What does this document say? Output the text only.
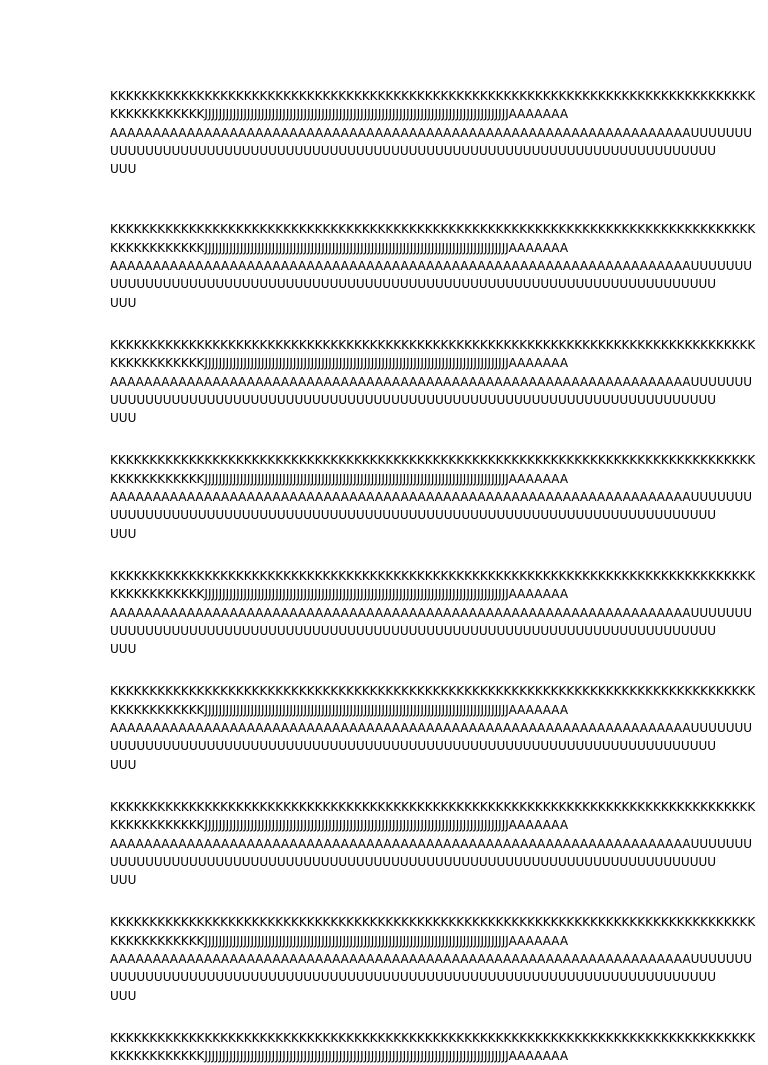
KKKKKKKKKKKKKKKKKKKKKKKKKKKKKKKKKKKKKKKKKKKKKKKKKKKKKKKKKKKKKKKKKKKKKKKKKKKKKKKKKK
KKKKKKKKKKKKJJJJJJJJJJJJJJJJJJJJJJJJJJJJJJJJJJJJJJJJJJJJJJJJJJJJJJJJJJJJJJJJJJJJJJJJJJJJJJJJJJJJJJAAAAAAA
AAAAAAAAAAAAAAAAAAAAAAAAAAAAAAAAAAAAAAAAAAAAAAAAAAAAAAAAAAAAAAAAAAAAUUUUUUU
UUUUUUUUUUUUUUUUUUUUUUUUUUUUUUUUUUUUUUUUUUUUUUUUUUUUUUUUUUUUUUUUUUUUU
UUU

KKKKKKKKKKKKKKKKKKKKKKKKKKKKKKKKKKKKKKKKKKKKKKKKKKKKKKKKKKKKKKKKKKKKKKKKKKKKKKKKKK
KKKKKKKKKKKKJJJJJJJJJJJJJJJJJJJJJJJJJJJJJJJJJJJJJJJJJJJJJJJJJJJJJJJJJJJJJJJJJJJJJJJJJJJJJJJJJJJJJJAAAAAAA
AAAAAAAAAAAAAAAAAAAAAAAAAAAAAAAAAAAAAAAAAAAAAAAAAAAAAAAAAAAAAAAAAAAAUUUUUUU
UUUUUUUUUUUUUUUUUUUUUUUUUUUUUUUUUUUUUUUUUUUUUUUUUUUUUUUUUUUUUUUUUUUUU
UUU

KKKKKKKKKKKKKKKKKKKKKKKKKKKKKKKKKKKKKKKKKKKKKKKKKKKKKKKKKKKKKKKKKKKKKKKKKKKKKKKKKK
KKKKKKKKKKKKJJJJJJJJJJJJJJJJJJJJJJJJJJJJJJJJJJJJJJJJJJJJJJJJJJJJJJJJJJJJJJJJJJJJJJJJJJJJJJJJJJJJJJAAAAAAA
AAAAAAAAAAAAAAAAAAAAAAAAAAAAAAAAAAAAAAAAAAAAAAAAAAAAAAAAAAAAAAAAAAAAUUUUUUU
UUUUUUUUUUUUUUUUUUUUUUUUUUUUUUUUUUUUUUUUUUUUUUUUUUUUUUUUUUUUUUUUUUUUU
UUU

KKKKKKKKKKKKKKKKKKKKKKKKKKKKKKKKKKKKKKKKKKKKKKKKKKKKKKKKKKKKKKKKKKKKKKKKKKKKKKKKKK
KKKKKKKKKKKKJJJJJJJJJJJJJJJJJJJJJJJJJJJJJJJJJJJJJJJJJJJJJJJJJJJJJJJJJJJJJJJJJJJJJJJJJJJJJJJJJJJJJJAAAAAAA
AAAAAAAAAAAAAAAAAAAAAAAAAAAAAAAAAAAAAAAAAAAAAAAAAAAAAAAAAAAAAAAAAAAAUUUUUUU
UUUUUUUUUUUUUUUUUUUUUUUUUUUUUUUUUUUUUUUUUUUUUUUUUUUUUUUUUUUUUUUUUUUUU
UUU

KKKKKKKKKKKKKKKKKKKKKKKKKKKKKKKKKKKKKKKKKKKKKKKKKKKKKKKKKKKKKKKKKKKKKKKKKKKKKKKKKK
KKKKKKKKKKKKJJJJJJJJJJJJJJJJJJJJJJJJJJJJJJJJJJJJJJJJJJJJJJJJJJJJJJJJJJJJJJJJJJJJJJJJJJJJJJJJJJJJJJAAAAAAA
AAAAAAAAAAAAAAAAAAAAAAAAAAAAAAAAAAAAAAAAAAAAAAAAAAAAAAAAAAAAAAAAAAAAUUUUUUU
UUUUUUUUUUUUUUUUUUUUUUUUUUUUUUUUUUUUUUUUUUUUUUUUUUUUUUUUUUUUUUUUUUUUU
UUU

KKKKKKKKKKKKKKKKKKKKKKKKKKKKKKKKKKKKKKKKKKKKKKKKKKKKKKKKKKKKKKKKKKKKKKKKKKKKKKKKKK
KKKKKKKKKKKKJJJJJJJJJJJJJJJJJJJJJJJJJJJJJJJJJJJJJJJJJJJJJJJJJJJJJJJJJJJJJJJJJJJJJJJJJJJJJJJJJJJJJJAAAAAAA
AAAAAAAAAAAAAAAAAAAAAAAAAAAAAAAAAAAAAAAAAAAAAAAAAAAAAAAAAAAAAAAAAAAAUUUUUUU
UUUUUUUUUUUUUUUUUUUUUUUUUUUUUUUUUUUUUUUUUUUUUUUUUUUUUUUUUUUUUUUUUUUUU
UUU

KKKKKKKKKKKKKKKKKKKKKKKKKKKKKKKKKKKKKKKKKKKKKKKKKKKKKKKKKKKKKKKKKKKKKKKKKKKKKKKKKK
KKKKKKKKKKKKJJJJJJJJJJJJJJJJJJJJJJJJJJJJJJJJJJJJJJJJJJJJJJJJJJJJJJJJJJJJJJJJJJJJJJJJJJJJJJJJJJJJJJAAAAAAA
AAAAAAAAAAAAAAAAAAAAAAAAAAAAAAAAAAAAAAAAAAAAAAAAAAAAAAAAAAAAAAAAAAAAUUUUUUU
UUUUUUUUUUUUUUUUUUUUUUUUUUUUUUUUUUUUUUUUUUUUUUUUUUUUUUUUUUUUUUUUUUUUU
UUU

KKKKKKKKKKKKKKKKKKKKKKKKKKKKKKKKKKKKKKKKKKKKKKKKKKKKKKKKKKKKKKKKKKKKKKKKKKKKKKKKKK
KKKKKKKKKKKKJJJJJJJJJJJJJJJJJJJJJJJJJJJJJJJJJJJJJJJJJJJJJJJJJJJJJJJJJJJJJJJJJJJJJJJJJJJJJJJJJJJJJJAAAAAAA
AAAAAAAAAAAAAAAAAAAAAAAAAAAAAAAAAAAAAAAAAAAAAAAAAAAAAAAAAAAAAAAAAAAAUUUUUUU
UUUUUUUUUUUUUUUUUUUUUUUUUUUUUUUUUUUUUUUUUUUUUUUUUUUUUUUUUUUUUUUUUUUUU
UUU

KKKKKKKKKKKKKKKKKKKKKKKKKKKKKKKKKKKKKKKKKKKKKKKKKKKKKKKKKKKKKKKKKKKKKKKKKKKKKKKKKK
KKKKKKKKKKKKJJJJJJJJJJJJJJJJJJJJJJJJJJJJJJJJJJJJJJJJJJJJJJJJJJJJJJJJJJJJJJJJJJJJJJJJJJJJJJJJJJJJJJAAAAAAA
